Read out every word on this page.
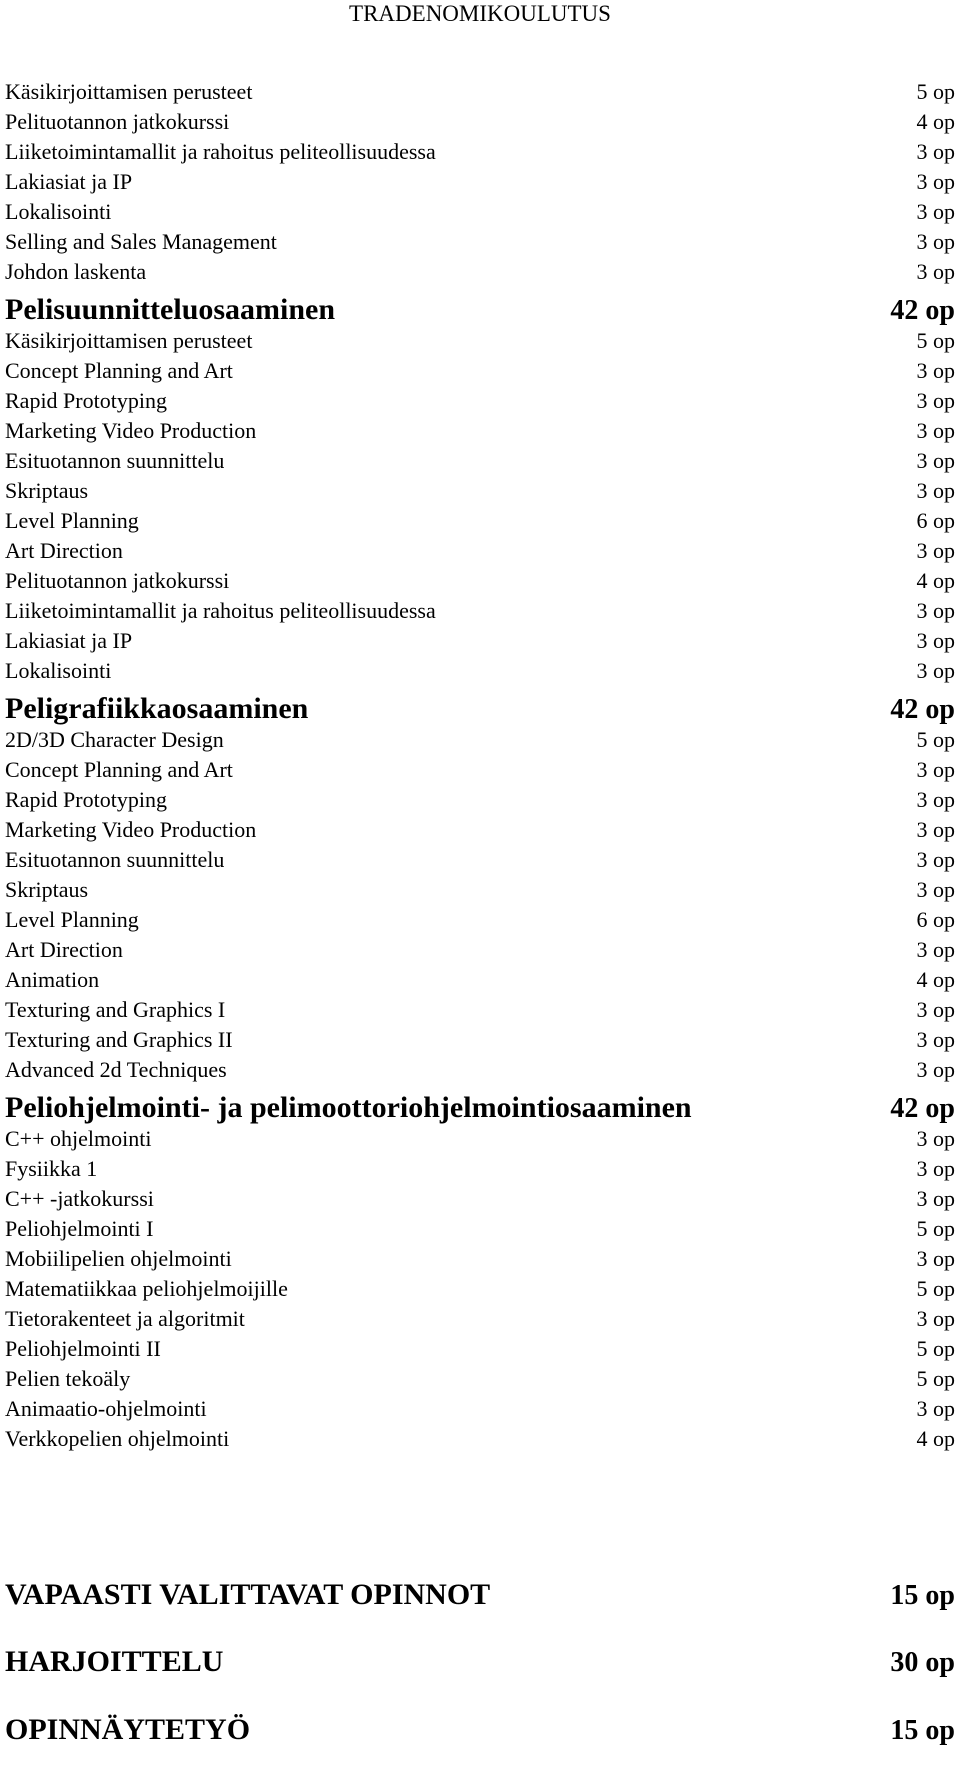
TRADENOMIKOULUTUS
Käsikirjoittamisen perusteet	5 op
Pelituotannon jatkokurssi	4 op
Liiketoimintamallit ja rahoitus peliteollisuudessa	3 op
Lakiasiat ja IP	3 op
Lokalisointi	3 op
Selling and Sales Management	3 op
Johdon laskenta	3 op
Pelisuunnitteluosaaminen	42 op
Käsikirjoittamisen perusteet	5 op
Concept Planning and Art	3 op
Rapid Prototyping	3 op
Marketing Video Production	3 op
Esituotannon suunnittelu	3 op
Skriptaus	3 op
Level Planning	6 op
Art Direction	3 op
Pelituotannon jatkokurssi	4 op
Liiketoimintamallit ja rahoitus peliteollisuudessa	3 op
Lakiasiat ja IP	3 op
Lokalisointi	3 op
Peligrafiikkaosaaminen	42 op
2D/3D Character Design	5 op
Concept Planning and Art	3 op
Rapid Prototyping	3 op
Marketing Video Production	3 op
Esituotannon suunnittelu	3 op
Skriptaus	3 op
Level Planning	6 op
Art Direction	3 op
Animation	4 op
Texturing and Graphics I	3 op
Texturing and Graphics II	3 op
Advanced 2d Techniques	3 op
Peliohjelmointi- ja pelimoottoriohjelmointiosaaminen	42 op
C++ ohjelmointi	3 op
Fysiikka 1	3 op
C++ -jatkokurssi	3 op
Peliohjelmointi I	5 op
Mobiilipelien ohjelmointi	3 op
Matematiikkaa peliohjelmoijille	5 op
Tietorakenteet ja algoritmit	3 op
Peliohjelmointi II	5 op
Pelien tekoäly	5 op
Animaatio-ohjelmointi	3 op
Verkkopelien ohjelmointi	4 op
VAPAASTI VALITTAVAT OPINNOT	15 op
HARJOITTELU	30 op
OPINNÄYTETYÖ	15 op
